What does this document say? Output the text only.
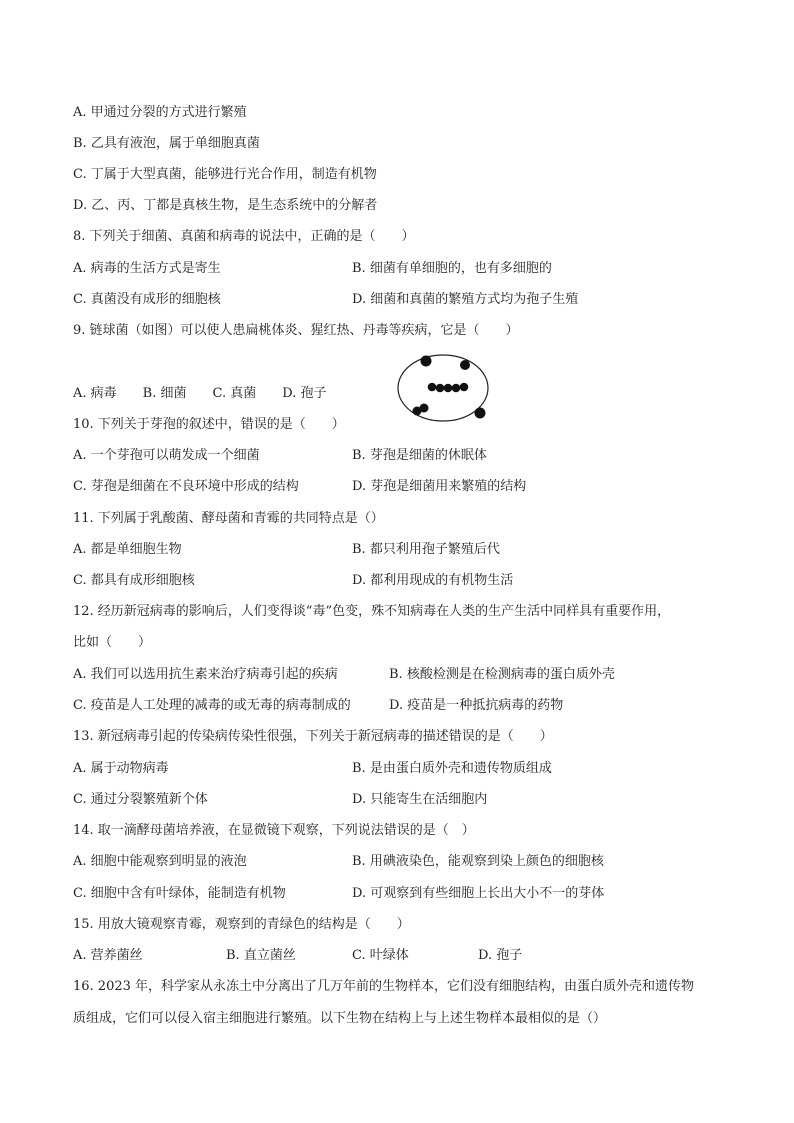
A. 甲通过分裂的方式进行繁殖
B. 乙具有液泡，属于单细胞真菌
C. 丁属于大型真菌，能够进行光合作用，制造有机物
D. 乙、丙、丁都是真核生物，是生态系统中的分解者
8. 下列关于细菌、真菌和病毒的说法中，正确的是（　　）
A. 病毒的生活方式是寄生	B. 细菌有单细胞的，也有多细胞的
C. 真菌没有成形的细胞核	D. 细菌和真菌的繁殖方式均为孢子生殖
9. 链球菌（如图）可以使人患扁桃体炎、猩红热、丹毒等疾病，它是（　　）
A. 病毒　　B. 细菌　　C. 真菌　　D. 孢子
10. 下列关于芽孢的叙述中，错误的是（　　）
A. 一个芽孢可以萌发成一个细菌	B. 芽孢是细菌的休眠体
C. 芽孢是细菌在不良环境中形成的结构	D. 芽孢是细菌用来繁殖的结构
11. 下列属于乳酸菌、酵母菌和青霉的共同特点是（）
A. 都是单细胞生物	B. 都只利用孢子繁殖后代
C. 都具有成形细胞核	D. 都利用现成的有机物生活
12. 经历新冠病毒的影响后，人们变得谈“毒”色变，殊不知病毒在人类的生产生活中同样具有重要作用，
比如（　　）
A. 我们可以选用抗生素来治疗病毒引起的疾病	B. 核酸检测是在检测病毒的蛋白质外壳
C. 疫苗是人工处理的减毒的或无毒的病毒制成的	D. 疫苗是一种抵抗病毒的药物
13. 新冠病毒引起的传染病传染性很强，下列关于新冠病毒的描述错误的是（　　）
A. 属于动物病毒	B. 是由蛋白质外壳和遗传物质组成
C. 通过分裂繁殖新个体	D. 只能寄生在活细胞内
14. 取一滴酵母菌培养液，在显微镜下观察，下列说法错误的是（　）
A. 细胞中能观察到明显的液泡	B. 用碘液染色，能观察到染上颜色的细胞核
C. 细胞中含有叶绿体，能制造有机物	D. 可观察到有些细胞上长出大小不一的芽体
15. 用放大镜观察青霉，观察到的青绿色的结构是（　　）
A. 营养菌丝	B. 直立菌丝	C. 叶绿体	D. 孢子
16. 2023 年，科学家从永冻土中分离出了几万年前的生物样本，它们没有细胞结构，由蛋白质外壳和遗传物
质组成，它们可以侵入宿主细胞进行繁殖。以下生物在结构上与上述生物样本最相似的是（）
